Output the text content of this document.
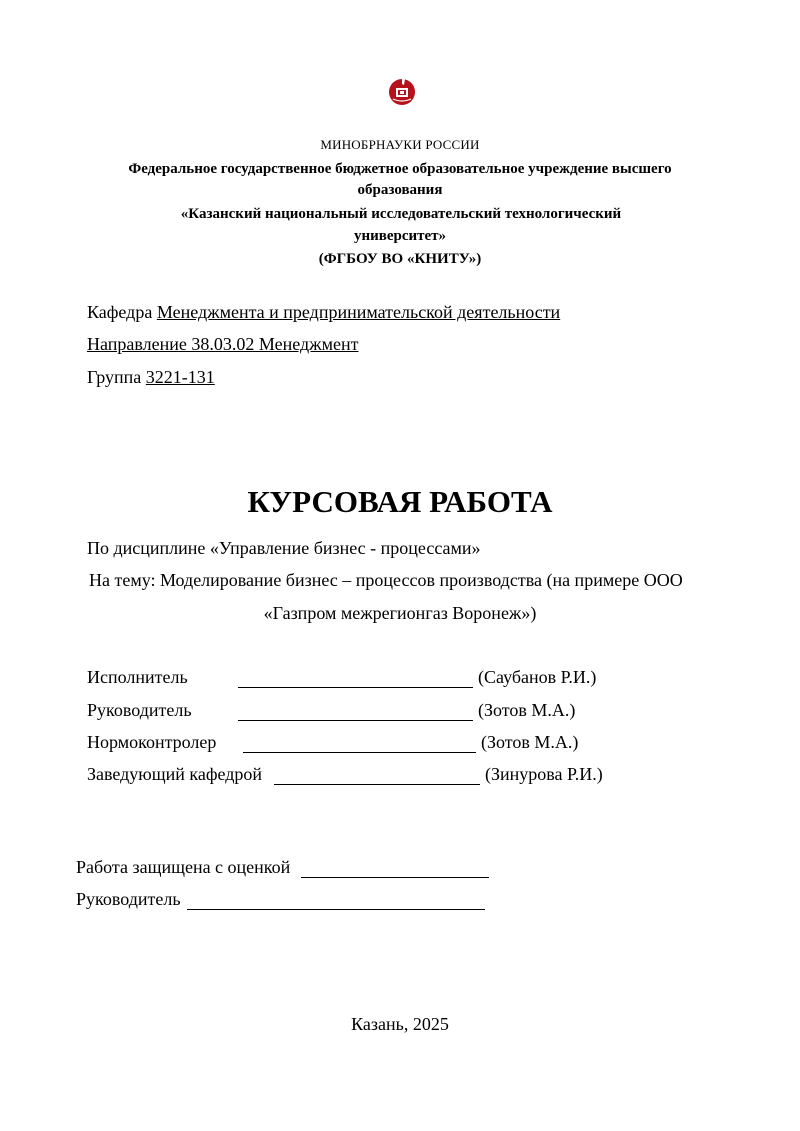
МИНОБРНАУКИ РОССИИ
Федеральное государственное бюджетное образовательное учреждение высшего
образования
«Казанский национальный исследовательский технологический
университет»
(ФГБОУ ВО «КНИТУ»)
Кафедра Менеджмента и предпринимательской деятельности
Направление 38.03.02 Менеджмент
Группа 3221-131
КУРСОВАЯ РАБОТА
По дисциплине «Управление бизнес - процессами»
На тему: Моделирование бизнес – процессов производства (на примере ООО
«Газпром межрегионгаз Воронеж»)
Исполнитель	(Саубанов Р.И.)
Руководитель	(Зотов М.А.)
Нормоконтролер	(Зотов М.А.)
Заведующий кафедрой	(Зинурова Р.И.)
Работа защищена с оценкой
Руководитель
Казань, 2025
